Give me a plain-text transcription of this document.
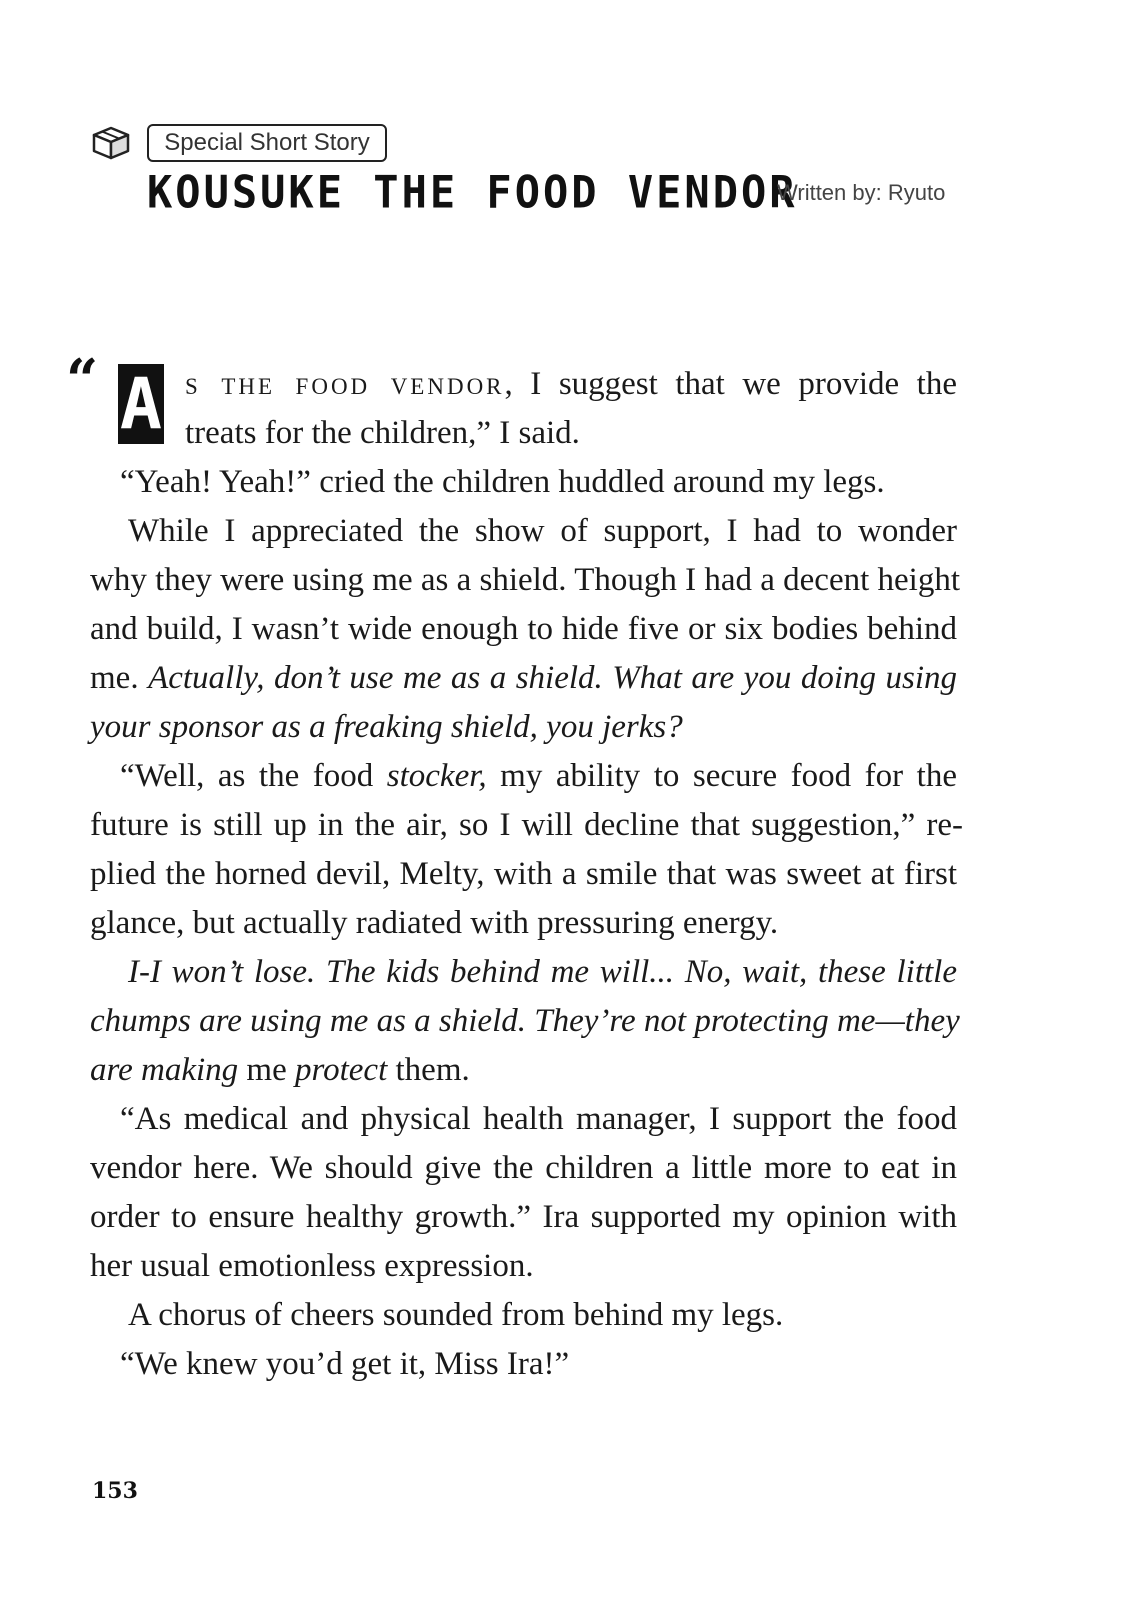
Special Short Story
KOUSUKE THE FOOD VENDOR
Written by: Ryuto
“ A s the food vendor, I suggest that we provide the
treats for the children,” I said.
“Yeah! Yeah!” cried the children huddled around my legs.
While I appreciated the show of support, I had to wonder
why they were using me as a shield. Though I had a decent height
and build, I wasn’t wide enough to hide five or six bodies behind
me. Actually, don’t use me as a shield. What are you doing using
your sponsor as a freaking shield, you jerks?
“Well, as the food stocker, my ability to secure food for the
future is still up in the air, so I will decline that suggestion,” re-
plied the horned devil, Melty, with a smile that was sweet at first
glance, but actually radiated with pressuring energy.
I-I won’t lose. The kids behind me will... No, wait, these little
chumps are using me as a shield. They’re not protecting me—they
are making me protect them.
“As medical and physical health manager, I support the food
vendor here. We should give the children a little more to eat in
order to ensure healthy growth.” Ira supported my opinion with
her usual emotionless expression.
A chorus of cheers sounded from behind my legs.
“We knew you’d get it, Miss Ira!”
153
